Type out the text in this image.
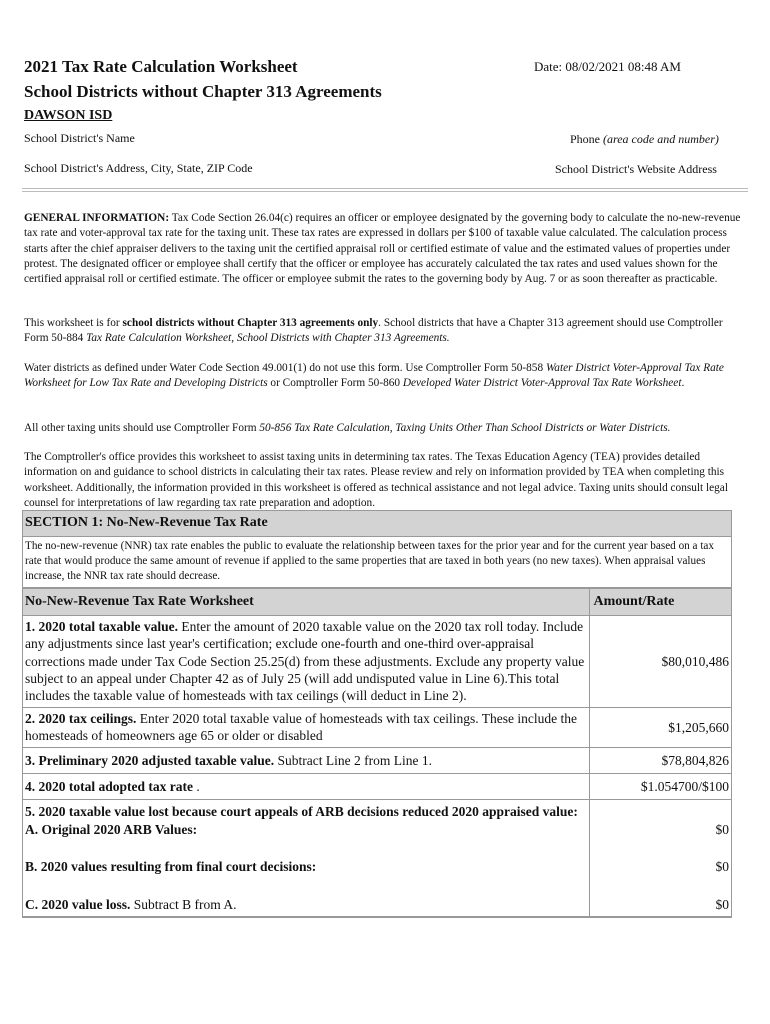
2021 Tax Rate Calculation Worksheet
School Districts without Chapter 313 Agreements
Date: 08/02/2021 08:48 AM
DAWSON ISD
School District's Name	Phone (area code and number)
School District's Address, City, State, ZIP Code	School District's Website Address
GENERAL INFORMATION: Tax Code Section 26.04(c) requires an officer or employee designated by the governing body to calculate the no-new-revenue tax rate and voter-approval tax rate for the taxing unit. These tax rates are expressed in dollars per $100 of taxable value calculated. The calculation process starts after the chief appraiser delivers to the taxing unit the certified appraisal roll or certified estimate of value and the estimated values of properties under protest. The designated officer or employee shall certify that the officer or employee has accurately calculated the tax rates and used values shown for the certified appraisal roll or certified estimate. The officer or employee submit the rates to the governing body by Aug. 7 or as soon thereafter as practicable.
This worksheet is for school districts without Chapter 313 agreements only. School districts that have a Chapter 313 agreement should use Comptroller Form 50-884 Tax Rate Calculation Worksheet, School Districts with Chapter 313 Agreements.
Water districts as defined under Water Code Section 49.001(1) do not use this form. Use Comptroller Form 50-858 Water District Voter-Approval Tax Rate Worksheet for Low Tax Rate and Developing Districts or Comptroller Form 50-860 Developed Water District Voter-Approval Tax Rate Worksheet.
All other taxing units should use Comptroller Form 50-856 Tax Rate Calculation, Taxing Units Other Than School Districts or Water Districts.
The Comptroller's office provides this worksheet to assist taxing units in determining tax rates. The Texas Education Agency (TEA) provides detailed information on and guidance to school districts in calculating their tax rates. Please review and rely on information provided by TEA when completing this worksheet. Additionally, the information provided in this worksheet is offered as technical assistance and not legal advice. Taxing units should consult legal counsel for interpretations of law regarding tax rate preparation and adoption.
SECTION 1: No-New-Revenue Tax Rate
The no-new-revenue (NNR) tax rate enables the public to evaluate the relationship between taxes for the prior year and for the current year based on a tax rate that would produce the same amount of revenue if applied to the same properties that are taxed in both years (no new taxes). When appraisal values increase, the NNR tax rate should decrease.
No-New-Revenue Tax Rate Worksheet	Amount/Rate
1. 2020 total taxable value. Enter the amount of 2020 taxable value on the 2020 tax roll today. Include any adjustments since last year's certification; exclude one-fourth and one-third over-appraisal corrections made under Tax Code Section 25.25(d) from these adjustments. Exclude any property value subject to an appeal under Chapter 42 as of July 25 (will add undisputed value in Line 6).This total includes the taxable value of homesteads with tax ceilings (will deduct in Line 2).	$80,010,486
2. 2020 tax ceilings. Enter 2020 total taxable value of homesteads with tax ceilings. These include the homesteads of homeowners age 65 or older or disabled	$1,205,660
3. Preliminary 2020 adjusted taxable value. Subtract Line 2 from Line 1.	$78,804,826
4. 2020 total adopted tax rate .	$1.054700/$100
5. 2020 taxable value lost because court appeals of ARB decisions reduced 2020 appraised value:
A. Original 2020 ARB Values:	$0
B. 2020 values resulting from final court decisions:	$0
C. 2020 value loss. Subtract B from A.	$0
